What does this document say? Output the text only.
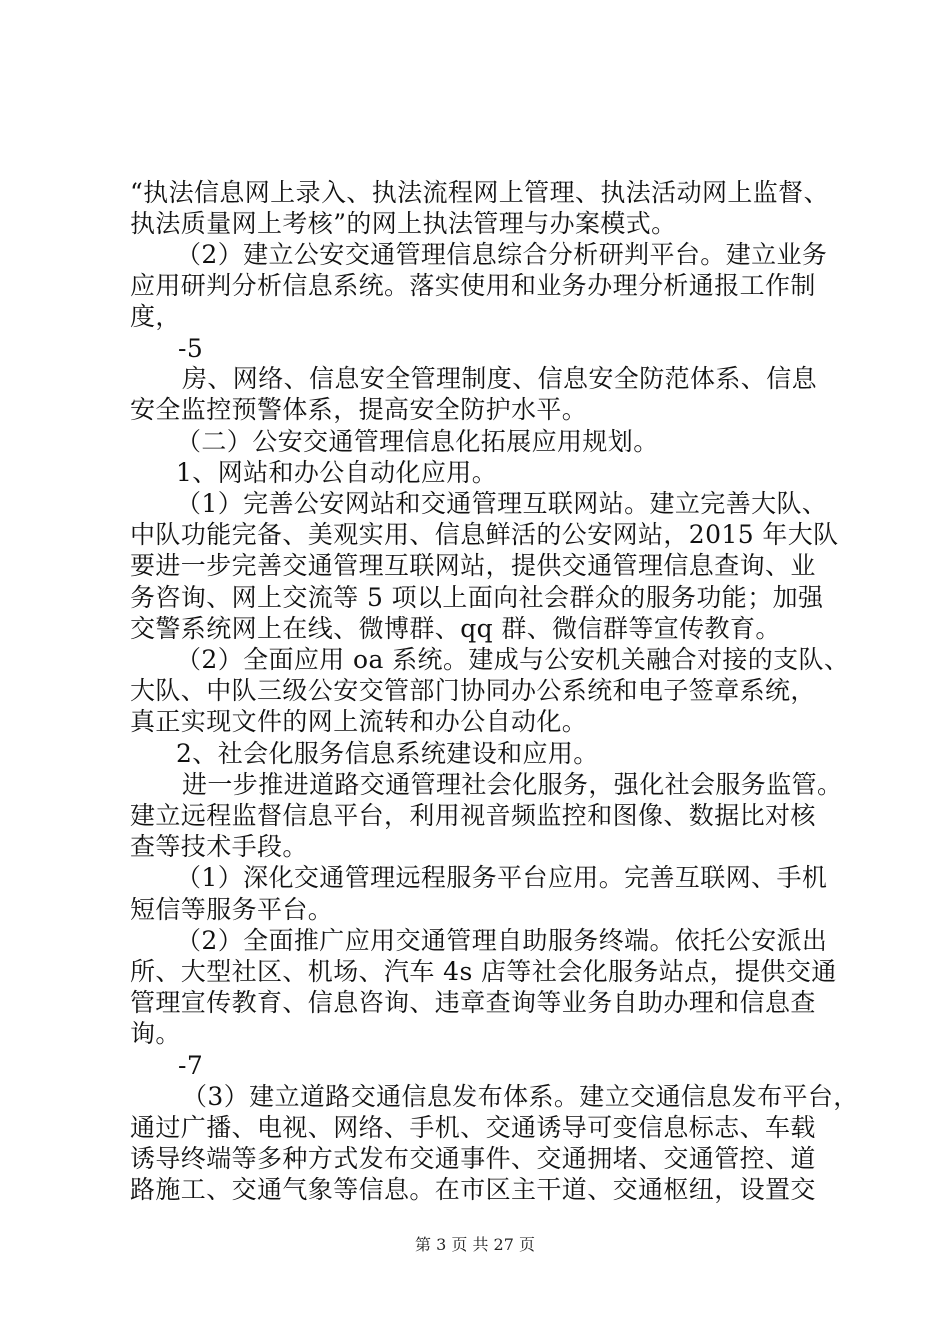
“执法信息网上录入、执法流程网上管理、执法活动网上监督、
执法质量网上考核”的网上执法管理与办案模式。
（2）建立公安交通管理信息综合分析研判平台。建立业务
应用研判分析信息系统。落实使用和业务办理分析通报工作制
度，
-5
房、网络、信息安全管理制度、信息安全防范体系、信息
安全监控预警体系，提高安全防护水平。
（二）公安交通管理信息化拓展应用规划。
1、网站和办公自动化应用。
（1）完善公安网站和交通管理互联网站。建立完善大队、
中队功能完备、美观实用、信息鲜活的公安网站，2015 年大队
要进一步完善交通管理互联网站，提供交通管理信息查询、业
务咨询、网上交流等 5 项以上面向社会群众的服务功能；加强
交警系统网上在线、微博群、qq 群、微信群等宣传教育。
（2）全面应用 oa 系统。建成与公安机关融合对接的支队、
大队、中队三级公安交管部门协同办公系统和电子签章系统，
真正实现文件的网上流转和办公自动化。
2、社会化服务信息系统建设和应用。
进一步推进道路交通管理社会化服务，强化社会服务监管。
建立远程监督信息平台，利用视音频监控和图像、数据比对核
查等技术手段。
（1）深化交通管理远程服务平台应用。完善互联网、手机
短信等服务平台。
（2）全面推广应用交通管理自助服务终端。依托公安派出
所、大型社区、机场、汽车 4s 店等社会化服务站点，提供交通
管理宣传教育、信息咨询、违章查询等业务自助办理和信息查
询。
-7
（3）建立道路交通信息发布体系。建立交通信息发布平台，
通过广播、电视、网络、手机、交通诱导可变信息标志、车载
诱导终端等多种方式发布交通事件、交通拥堵、交通管控、道
路施工、交通气象等信息。在市区主干道、交通枢纽，设置交
第 3 页 共 27 页
